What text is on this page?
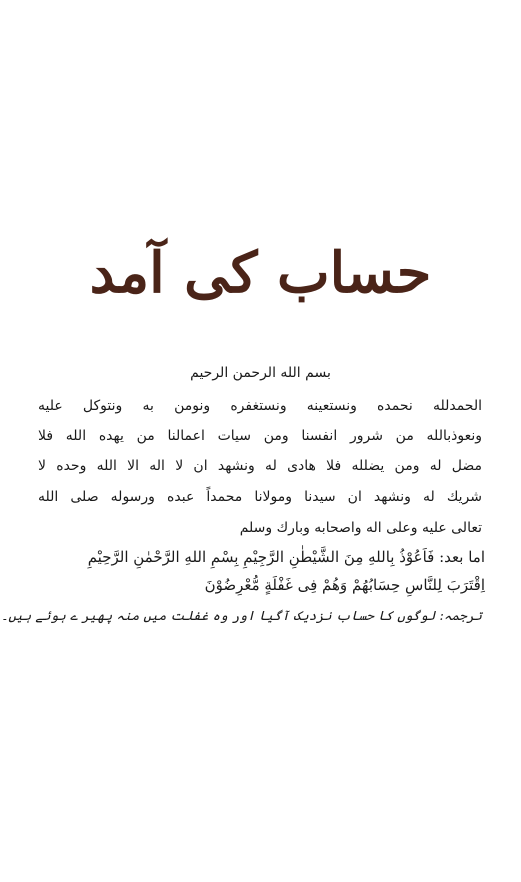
حساب کی آمد
بسم الله الرحمن الرحيم
الحمدلله نحمده ونستعينه ونستغفره ونومن به ونتوكل عليه
ونعوذبالله من شرور انفسنا ومن سيات اعمالنا من يهده الله فلا
مضل له ومن يضلله فلا هادى له ونشهد ان لا اله الا الله وحده لا
شريك له ونشهد ان سيدنا ومولانا محمداً عبده ورسوله صلى الله
تعالى عليه وعلى اله واصحابه وبارك وسلم
اما بعد: فَاَعُوْذُ بِاللهِ مِنَ الشَّيْطٰنِ الرَّجِيْمِ بِسْمِ اللهِ الرَّحْمٰنِ الرَّحِيْمِ
اِقْتَرَبَ لِلنَّاسِ حِسَابُهُمْ وَهُمْ فِى غَفْلَةٍ مُّعْرِضُوْنَ
ترجمہ: لوگوں کا حساب نزدیک آگیا اور وہ غفلت میں منہ پھیر ے ہوئے ہیں۔
